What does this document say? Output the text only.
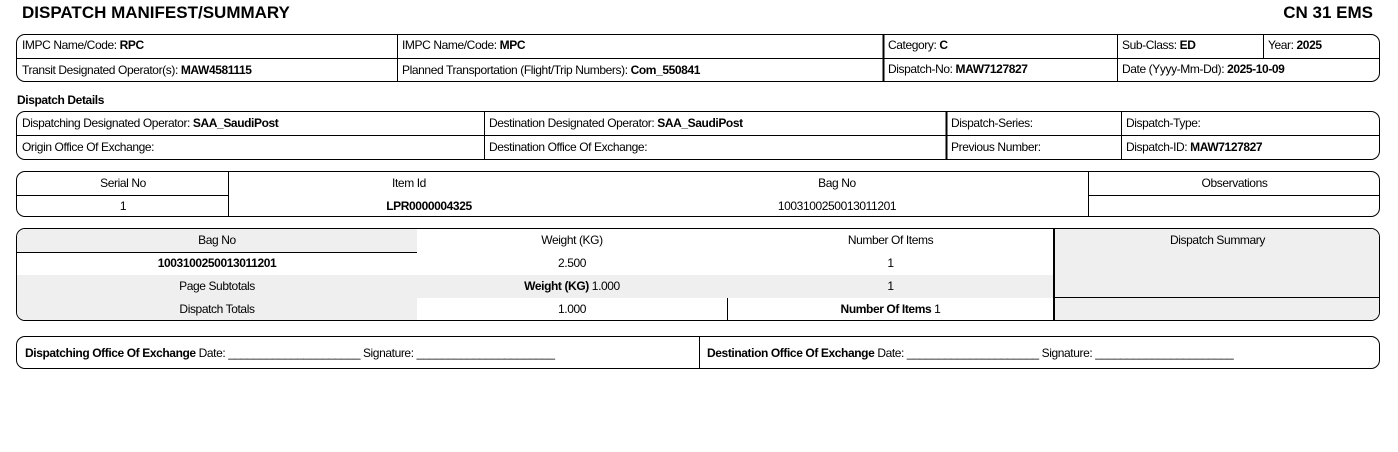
DISPATCH MANIFEST/SUMMARY	CN 31 EMS
IMPC Name/Code: RPC	IMPC Name/Code: MPC	Category: C	Sub-Class: ED	Year: 2025
Transit Designated Operator(s): MAW4581115	Planned Transportation (Flight/Trip Numbers): Com_550841	Dispatch-No: MAW7127827	Date (Yyyy-Mm-Dd): 2025-10-09
Dispatch Details
Dispatching Designated Operator: SAA_SaudiPost	Destination Designated Operator: SAA_SaudiPost	Dispatch-Series:	Dispatch-Type:
Origin Office Of Exchange:	Destination Office Of Exchange:	Previous Number:	Dispatch-ID: MAW7127827
Serial No	Item Id	Bag No	Observations
1	LPR0000004325	1003100250013011201
Bag No	Weight (KG)	Number Of Items	Dispatch Summary
1003100250013011201	2.500	1
Page Subtotals	Weight (KG) 1.000	1
Dispatch Totals	1.000	Number Of Items 1
Dispatching Office Of Exchange Date: _____________________ Signature: ______________________	Destination Office Of Exchange Date: _____________________ Signature: ______________________
